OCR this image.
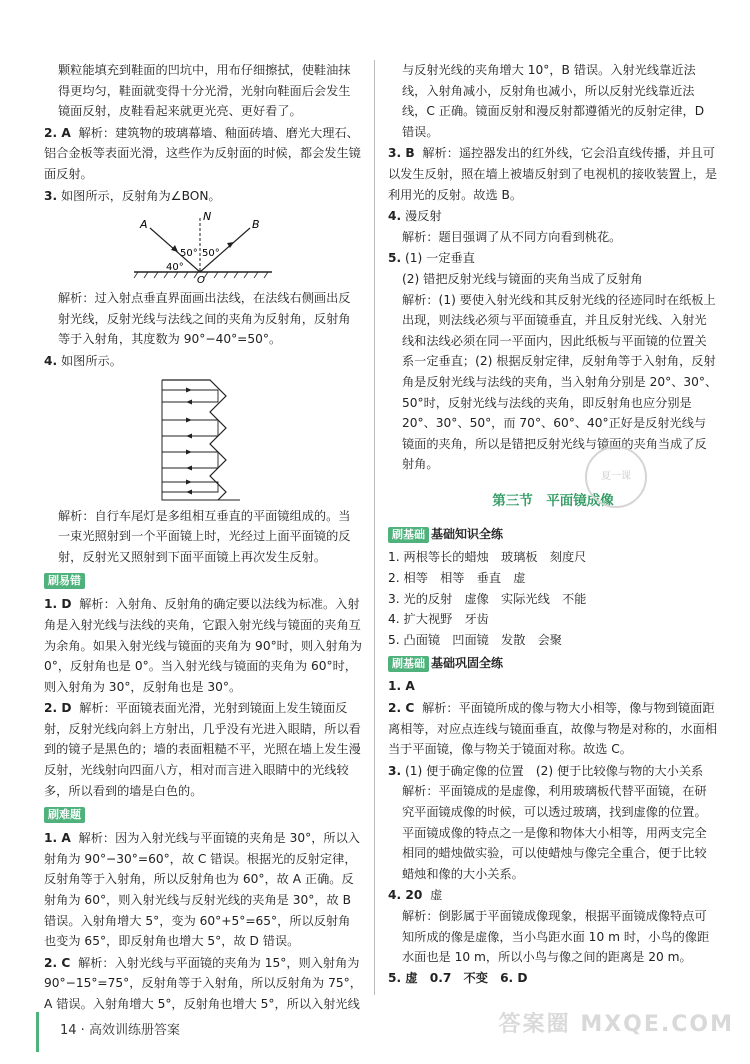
颗粒能填充到鞋面的凹坑中，用布仔细擦拭，使鞋油抹得更均匀，鞋面就变得十分光滑，光射向鞋面后会发生镜面反射，皮鞋看起来就更光亮、更好看了。
2. A 解析：建筑物的玻璃幕墙、釉面砖墙、磨光大理石、铝合金板等表面光滑，这些作为反射面的时候，都会发生镜面反射。
3. 如图所示，反射角为∠BON。
A
N
B
O
50° 50°
40°
解析：过入射点垂直界面画出法线，在法线右侧画出反射光线，反射光线与法线之间的夹角为反射角，反射角等于入射角，其度数为 90°−40°=50°。
4. 如图所示。
解析：自行车尾灯是多组相互垂直的平面镜组成的。当一束光照射到一个平面镜上时，光经过上面平面镜的反射，反射光又照射到下面平面镜上再次发生反射。
刷易错
1. D 解析：入射角、反射角的确定要以法线为标准。入射角是入射光线与法线的夹角，它跟入射光线与镜面的夹角互为余角。如果入射光线与镜面的夹角为 90°时，则入射角为 0°，反射角也是 0°。当入射光线与镜面的夹角为 60°时，则入射角为 30°，反射角也是 30°。
2. D 解析：平面镜表面光滑，光射到镜面上发生镜面反射，反射光线向斜上方射出，几乎没有光进入眼睛，所以看到的镜子是黑色的；墙的表面粗糙不平，光照在墙上发生漫反射，光线射向四面八方，相对而言进入眼睛中的光线较多，所以看到的墙是白色的。
刷难题
1. A 解析：因为入射光线与平面镜的夹角是 30°，所以入射角为 90°−30°=60°，故 C 错误。根据光的反射定律，反射角等于入射角，所以反射角也为 60°，故 A 正确。反射角为 60°，则入射光线与反射光线的夹角是 30°，故 B 错误。入射角增大 5°，变为 60°+5°=65°，所以反射角也变为 65°，即反射角也增大 5°，故 D 错误。
2. C 解析：入射光线与平面镜的夹角为 15°，则入射角为 90°−15°=75°，反射角等于入射角，所以反射角为 75°，A 错误。入射角增大 5°，反射角也增大 5°，所以入射光线
与反射光线的夹角增大 10°，B 错误。入射光线靠近法线，入射角减小，反射角也减小，所以反射光线靠近法线，C 正确。镜面反射和漫反射都遵循光的反射定律，D 错误。
3. B 解析：遥控器发出的红外线，它会沿直线传播，并且可以发生反射，照在墙上被墙反射到了电视机的接收装置上，是利用光的反射。故选 B。
4. 漫反射
解析：题目强调了从不同方向看到桃花。
5. (1) 一定垂直
(2) 错把反射光线与镜面的夹角当成了反射角
解析：(1) 要使入射光线和其反射光线的径迹同时在纸板上出现，则法线必须与平面镜垂直，并且反射光线、入射光线和法线必须在同一平面内，因此纸板与平面镜的位置关系一定垂直；(2) 根据反射定律，反射角等于入射角，反射角是反射光线与法线的夹角，当入射角分别是 20°、30°、50°时，反射光线与法线的夹角，即反射角也应分别是 20°、30°、50°，而 70°、60°、40°正好是反射光线与镜面的夹角，所以是错把反射光线与镜面的夹角当成了反射角。
第三节　平面镜成像
刷基础 基础知识全练
1. 两根等长的蜡烛　玻璃板　刻度尺
2. 相等　相等　垂直　虚
3. 光的反射　虚像　实际光线　不能
4. 扩大视野　牙齿
5. 凸面镜　凹面镜　发散　会聚
刷基础 基础巩固全练
1. A
2. C 解析：平面镜所成的像与物大小相等，像与物到镜面距离相等，对应点连线与镜面垂直，故像与物是对称的，水面相当于平面镜，像与物关于镜面对称。故选 C。
3. (1) 便于确定像的位置　(2) 便于比较像与物的大小关系
解析：平面镜成的是虚像，利用玻璃板代替平面镜，在研究平面镜成像的时候，可以透过玻璃，找到虚像的位置。平面镜成像的特点之一是像和物体大小相等，用两支完全相同的蜡烛做实验，可以使蜡烛与像完全重合，便于比较蜡烛和像的大小关系。
4. 20 虚
解析：倒影属于平面镜成像现象，根据平面镜成像特点可知所成的像是虚像，当小鸟距水面 10 m 时，小鸟的像距水面也是 10 m，所以小鸟与像之间的距离是 20 m。
5. 虚　0.7　不变　6. D
夏一课
14 · 高效训练册答案	答案圈 MXQE.COM
